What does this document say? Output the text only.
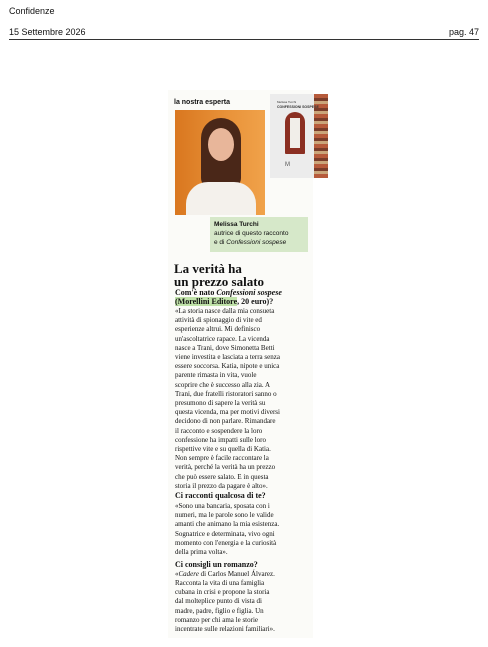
Confidenze
15 Settembre 2026	pag. 47
la nostra esperta	Melissa Turchi
CONFESSIONI SOSPESE
M
Melissa Turchi
autrice di questo racconto
e di Confessioni sospese
La verità ha
un prezzo salato
Com'è nato Confessioni sospese
(Morellini Editore, 20 euro)?
«La storia nasce dalla mia consueta
attività di spionaggio di vite ed
esperienze altrui. Mi definisco
un'ascoltatrice rapace. La vicenda
nasce a Trani, dove Simonetta Betti
viene investita e lasciata a terra senza
essere soccorsa. Katia, nipote e unica
parente rimasta in vita, vuole
scoprire che è successo alla zia. A
Trani, due fratelli ristoratori sanno o
presumono di sapere la verità su
questa vicenda, ma per motivi diversi
decidono di non parlare. Rimandare
il racconto e sospendere la loro
confessione ha impatti sulle loro
rispettive vite e su quella di Katia.
Non sempre è facile raccontare la
verità, perché la verità ha un prezzo
che può essere salato. E in questa
storia il prezzo da pagare è alto».
Ci racconti qualcosa di te?
«Sono una bancaria, sposata con i
numeri, ma le parole sono le valide
amanti che animano la mia esistenza.
Sognatrice e determinata, vivo ogni
momento con l'energia e la curiosità
della prima volta».
Ci consigli un romanzo?
«Cadere di Carlos Manuel Álvarez.
Racconta la vita di una famiglia
cubana in crisi e propone la storia
dal molteplice punto di vista di
madre, padre, figlio e figlia. Un
romanzo per chi ama le storie
incentrate sulle relazioni familiari».
